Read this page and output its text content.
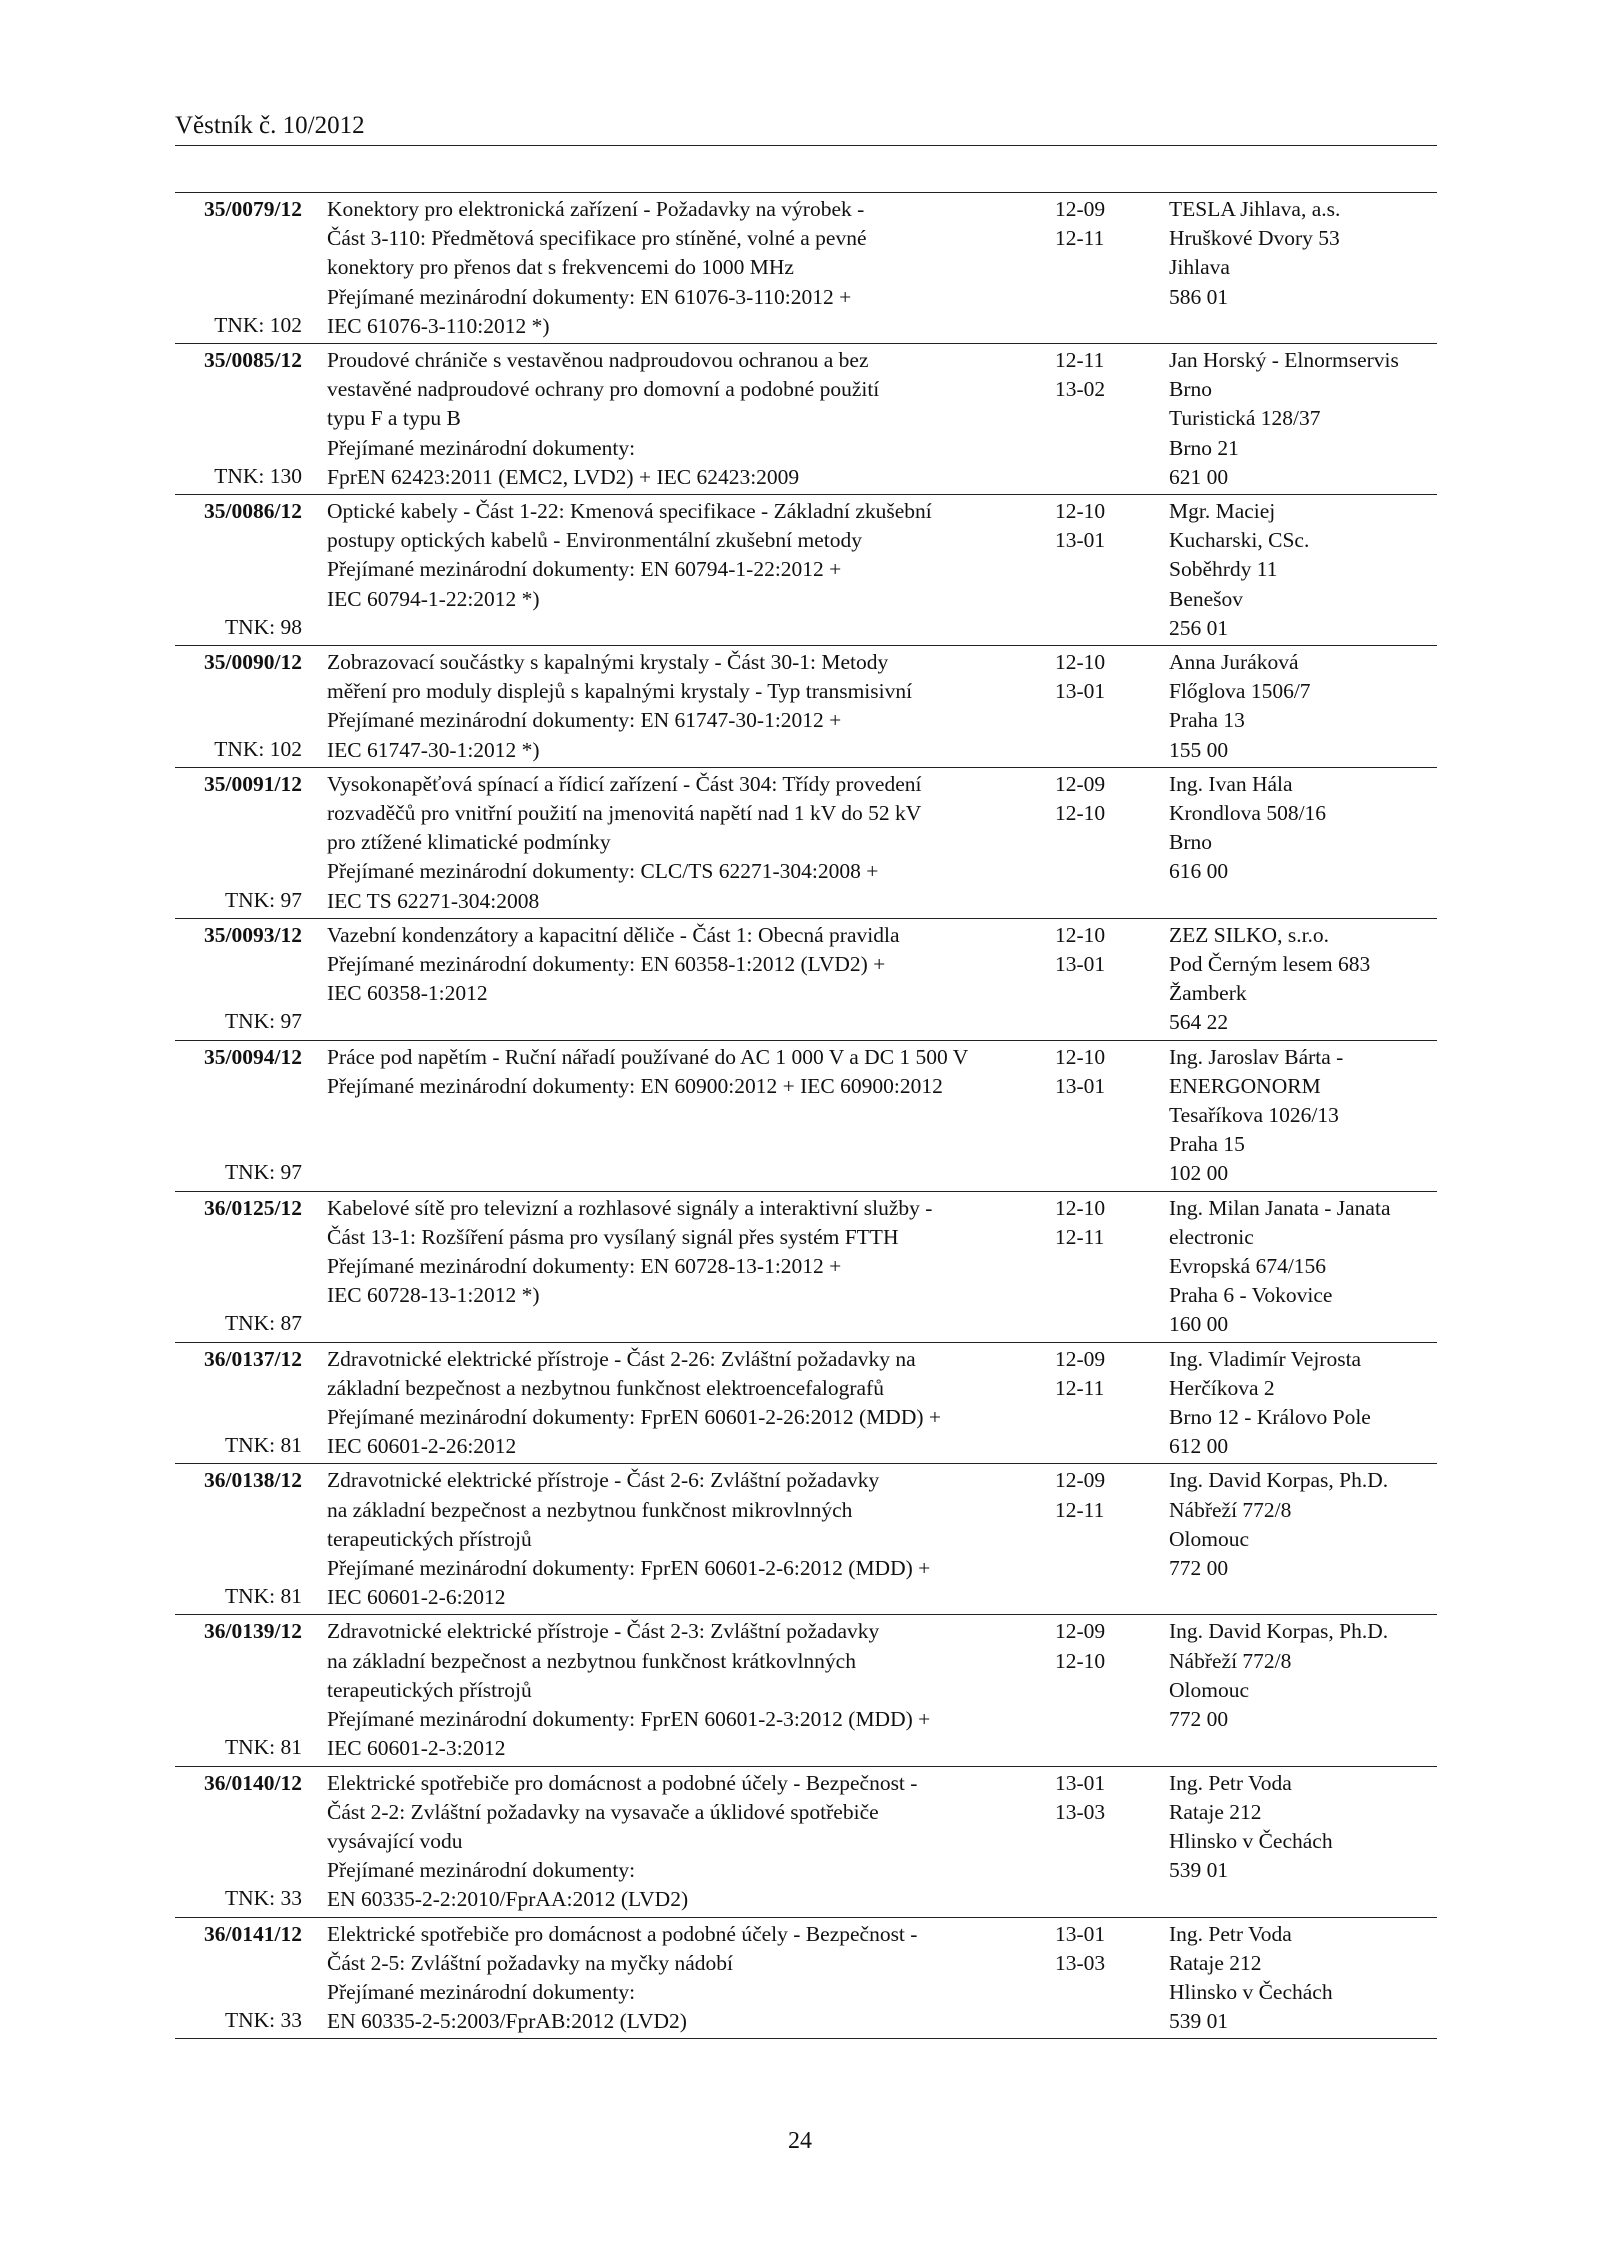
Věstník č. 10/2012
35/0079/12
TNK: 102
Konektory pro elektronická zařízení - Požadavky na výrobek -
Část 3-110: Předmětová specifikace pro stíněné, volné a pevné
konektory pro přenos dat s frekvencemi do 1000 MHz
Přejímané mezinárodní dokumenty: EN 61076-3-110:2012 +
IEC 61076-3-110:2012 *)
12-09
12-11
TESLA Jihlava, a.s.
Hruškové Dvory 53
Jihlava
586 01
35/0085/12
TNK: 130
Proudové chrániče s vestavěnou nadproudovou ochranou a bez
vestavěné nadproudové ochrany pro domovní a podobné použití
typu F a typu B
Přejímané mezinárodní dokumenty:
FprEN 62423:2011 (EMC2, LVD2) + IEC 62423:2009
12-11
13-02
Jan Horský - Elnormservis
Brno
Turistická 128/37
Brno 21
621 00
35/0086/12
TNK: 98
Optické kabely - Část 1-22: Kmenová specifikace - Základní zkušební
postupy optických kabelů - Environmentální zkušební metody
Přejímané mezinárodní dokumenty: EN 60794-1-22:2012 +
IEC 60794-1-22:2012 *)
12-10
13-01
Mgr. Maciej
Kucharski, CSc.
Soběhrdy 11
Benešov
256 01
35/0090/12
TNK: 102
Zobrazovací součástky s kapalnými krystaly - Část 30-1: Metody
měření pro moduly displejů s kapalnými krystaly - Typ transmisivní
Přejímané mezinárodní dokumenty: EN 61747-30-1:2012 +
IEC 61747-30-1:2012 *)
12-10
13-01
Anna Juráková
Flőglova 1506/7
Praha 13
155 00
35/0091/12
TNK: 97
Vysokonapěťová spínací a řídicí zařízení - Část 304: Třídy provedení
rozvaděčů pro vnitřní použití na jmenovitá napětí nad 1 kV do 52 kV
pro ztížené klimatické podmínky
Přejímané mezinárodní dokumenty: CLC/TS 62271-304:2008 +
IEC TS 62271-304:2008
12-09
12-10
Ing. Ivan Hála
Krondlova 508/16
Brno
616 00
35/0093/12
TNK: 97
Vazební kondenzátory a kapacitní děliče - Část 1: Obecná pravidla
Přejímané mezinárodní dokumenty: EN 60358-1:2012 (LVD2) +
IEC 60358-1:2012
12-10
13-01
ZEZ SILKO, s.r.o.
Pod Černým lesem 683
Žamberk
564 22
35/0094/12
TNK: 97
Práce pod napětím - Ruční nářadí používané do AC 1 000 V a DC 1 500 V
Přejímané mezinárodní dokumenty: EN 60900:2012 + IEC 60900:2012
12-10
13-01
Ing. Jaroslav Bárta -
ENERGONORM
Tesaříkova 1026/13
Praha 15
102 00
36/0125/12
TNK: 87
Kabelové sítě pro televizní a rozhlasové signály a interaktivní služby -
Část 13-1: Rozšíření pásma pro vysílaný signál přes systém FTTH
Přejímané mezinárodní dokumenty: EN 60728-13-1:2012 +
IEC 60728-13-1:2012 *)
12-10
12-11
Ing. Milan Janata - Janata
electronic
Evropská 674/156
Praha 6 - Vokovice
160 00
36/0137/12
TNK: 81
Zdravotnické elektrické přístroje - Část 2-26: Zvláštní požadavky na
základní bezpečnost a nezbytnou funkčnost elektroencefalografů
Přejímané mezinárodní dokumenty: FprEN 60601-2-26:2012 (MDD) +
IEC 60601-2-26:2012
12-09
12-11
Ing. Vladimír Vejrosta
Herčíkova 2
Brno 12 - Královo Pole
612 00
36/0138/12
TNK: 81
Zdravotnické elektrické přístroje - Část 2-6: Zvláštní požadavky
na základní bezpečnost a nezbytnou funkčnost mikrovlnných
terapeutických přístrojů
Přejímané mezinárodní dokumenty: FprEN 60601-2-6:2012 (MDD) +
IEC 60601-2-6:2012
12-09
12-11
Ing. David Korpas, Ph.D.
Nábřeží 772/8
Olomouc
772 00
36/0139/12
TNK: 81
Zdravotnické elektrické přístroje - Část 2-3: Zvláštní požadavky
na základní bezpečnost a nezbytnou funkčnost krátkovlnných
terapeutických přístrojů
Přejímané mezinárodní dokumenty: FprEN 60601-2-3:2012 (MDD) +
IEC 60601-2-3:2012
12-09
12-10
Ing. David Korpas, Ph.D.
Nábřeží 772/8
Olomouc
772 00
36/0140/12
TNK: 33
Elektrické spotřebiče pro domácnost a podobné účely - Bezpečnost -
Část 2-2: Zvláštní požadavky na vysavače a úklidové spotřebiče
vysávající vodu
Přejímané mezinárodní dokumenty:
EN 60335-2-2:2010/FprAA:2012 (LVD2)
13-01
13-03
Ing. Petr Voda
Rataje 212
Hlinsko v Čechách
539 01
36/0141/12
TNK: 33
Elektrické spotřebiče pro domácnost a podobné účely - Bezpečnost -
Část 2-5: Zvláštní požadavky na myčky nádobí
Přejímané mezinárodní dokumenty:
EN 60335-2-5:2003/FprAB:2012 (LVD2)
13-01
13-03
Ing. Petr Voda
Rataje 212
Hlinsko v Čechách
539 01
24
